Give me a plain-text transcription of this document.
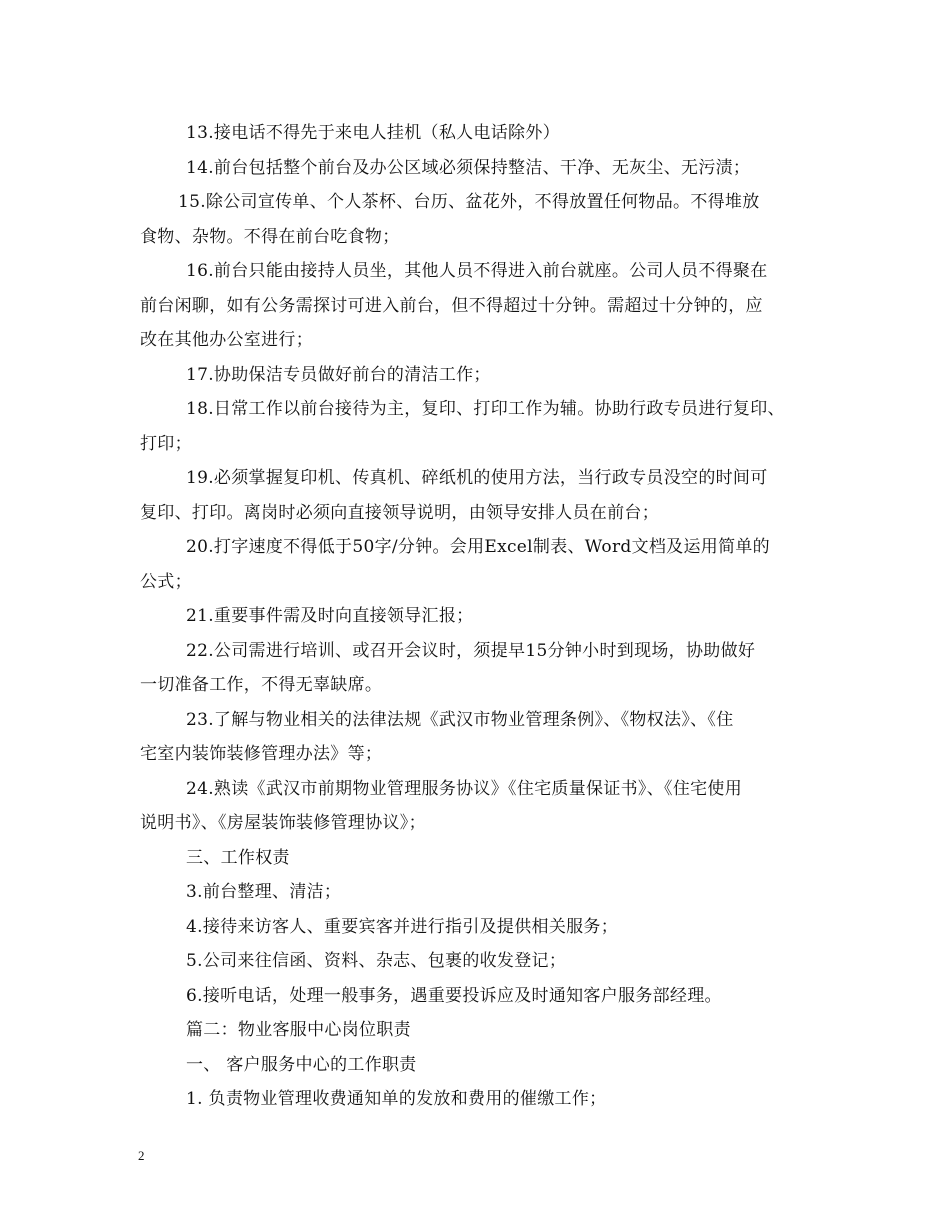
13.接电话不得先于来电人挂机（私人电话除外）

14.前台包括整个前台及办公区域必须保持整洁、干净、无灰尘、无污渍；

15.除公司宣传单、个人茶杯、台历、盆花外，不得放置任何物品。不得堆放
食物、杂物。不得在前台吃食物；

16.前台只能由接持人员坐，其他人员不得进入前台就座。公司人员不得聚在
前台闲聊，如有公务需探讨可进入前台，但不得超过十分钟。需超过十分钟的，应
改在其他办公室进行；

17.协助保洁专员做好前台的清洁工作；

18.日常工作以前台接待为主，复印、打印工作为辅。协助行政专员进行复印、
打印；

19.必须掌握复印机、传真机、碎纸机的使用方法，当行政专员没空的时间可
复印、打印。离岗时必须向直接领导说明，由领导安排人员在前台；

20.打字速度不得低于50字/分钟。会用Excel制表、Word文档及运用简单的
公式；

21.重要事件需及时向直接领导汇报；

22.公司需进行培训、或召开会议时，须提早15分钟小时到现场，协助做好
一切准备工作，不得无辜缺席。

23.了解与物业相关的法律法规《武汉市物业管理条例》、《物权法》、《住
宅室内装饰装修管理办法》等；

24.熟读《武汉市前期物业管理服务协议》《住宅质量保证书》、《住宅使用
说明书》、《房屋装饰装修管理协议》；

三、工作权责

3.前台整理、清洁；

4.接待来访客人、重要宾客并进行指引及提供相关服务；

5.公司来往信函、资料、杂志、包裹的收发登记；

6.接听电话，处理一般事务，遇重要投诉应及时通知客户服务部经理。

篇二：物业客服中心岗位职责

一、 客户服务中心的工作职责

1. 负责物业管理收费通知单的发放和费用的催缴工作；

2
